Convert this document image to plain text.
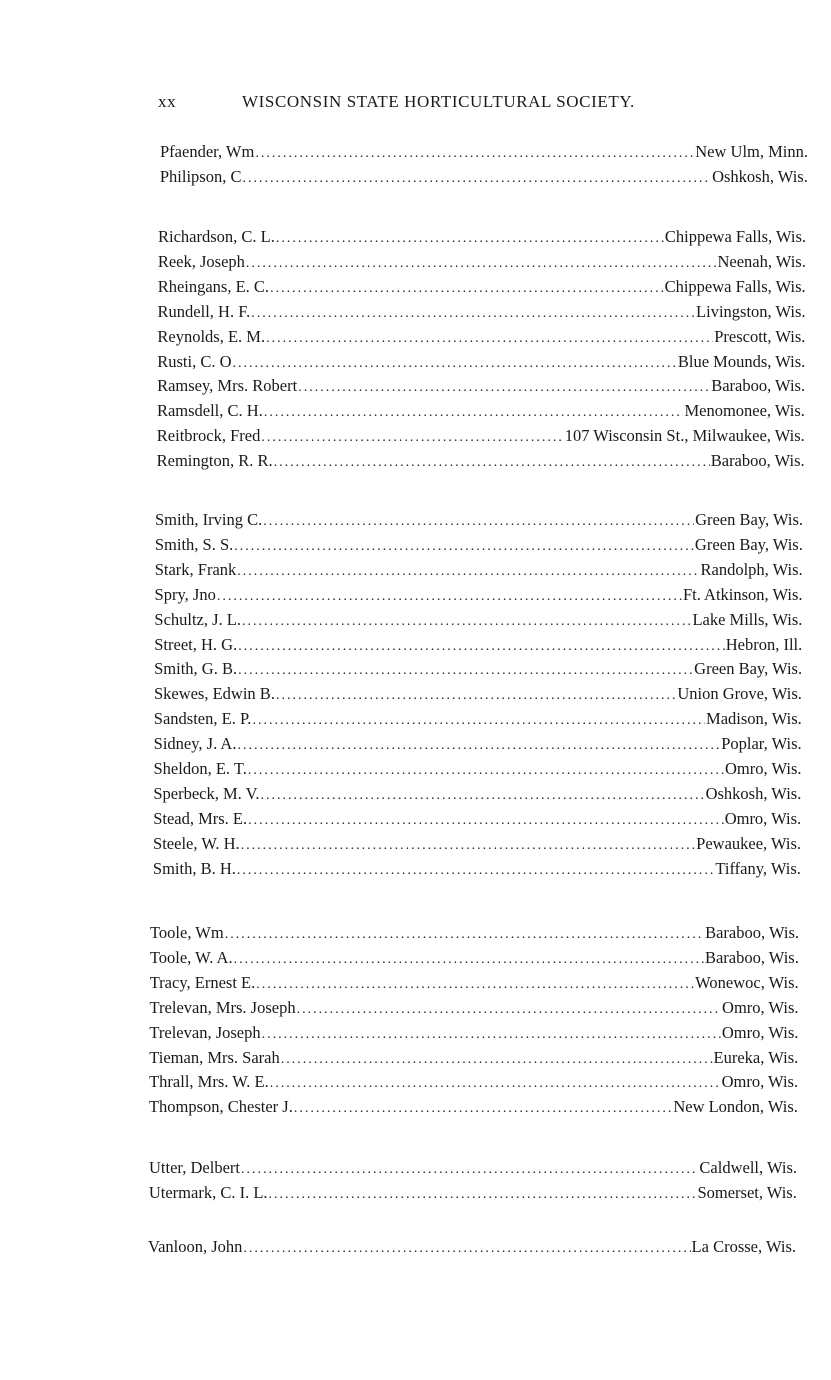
xx	WISCONSIN STATE HORTICULTURAL SOCIETY.
Pfaender, Wm .....	New Ulm, Minn.
Philipson, C .....	Oshkosh, Wis.
Richardson, C. L. .....	Chippewa Falls, Wis.
Reek, Joseph .....	Neenah, Wis.
Rheingans, E. C. .....	Chippewa Falls, Wis.
Rundell, H. F. .....	Livingston, Wis.
Reynolds, E. M. .....	Prescott, Wis.
Rusti, C. O .....	Blue Mounds, Wis.
Ramsey, Mrs. Robert .....	Baraboo, Wis.
Ramsdell, C. H. .....	Menomonee, Wis.
Reitbrock, Fred .....	107 Wisconsin St., Milwaukee, Wis.
Remington, R. R. .....	Baraboo, Wis.
Smith, Irving C. .....	Green Bay, Wis.
Smith, S. S. .....	Green Bay, Wis.
Stark, Frank .....	Randolph, Wis.
Spry, Jno .....	Ft. Atkinson, Wis.
Schultz, J. L. .....	Lake Mills, Wis.
Street, H. G. .....	Hebron, Ill.
Smith, G. B. .....	Green Bay, Wis.
Skewes, Edwin B. .....	Union Grove, Wis.
Sandsten, E. P. .....	Madison, Wis.
Sidney, J. A. .....	Poplar, Wis.
Sheldon, E. T. .....	Omro, Wis.
Sperbeck, M. V. .....	Oshkosh, Wis.
Stead, Mrs. E. .....	Omro, Wis.
Steele, W. H. .....	Pewaukee, Wis.
Smith, B. H. .....	Tiffany, Wis.
Toole, Wm .....	Baraboo, Wis.
Toole, W. A. .....	Baraboo, Wis.
Tracy, Ernest E. .....	Wonewoc, Wis.
Trelevan, Mrs. Joseph .....	Omro, Wis.
Trelevan, Joseph .....	Omro, Wis.
Tieman, Mrs. Sarah .....	Eureka, Wis.
Thrall, Mrs. W. E. .....	Omro, Wis.
Thompson, Chester J. .....	New London, Wis.
Utter, Delbert .....	Caldwell, Wis.
Utermark, C. I. L. .....	Somerset, Wis.
Vanloon, John .....	La Crosse, Wis.
